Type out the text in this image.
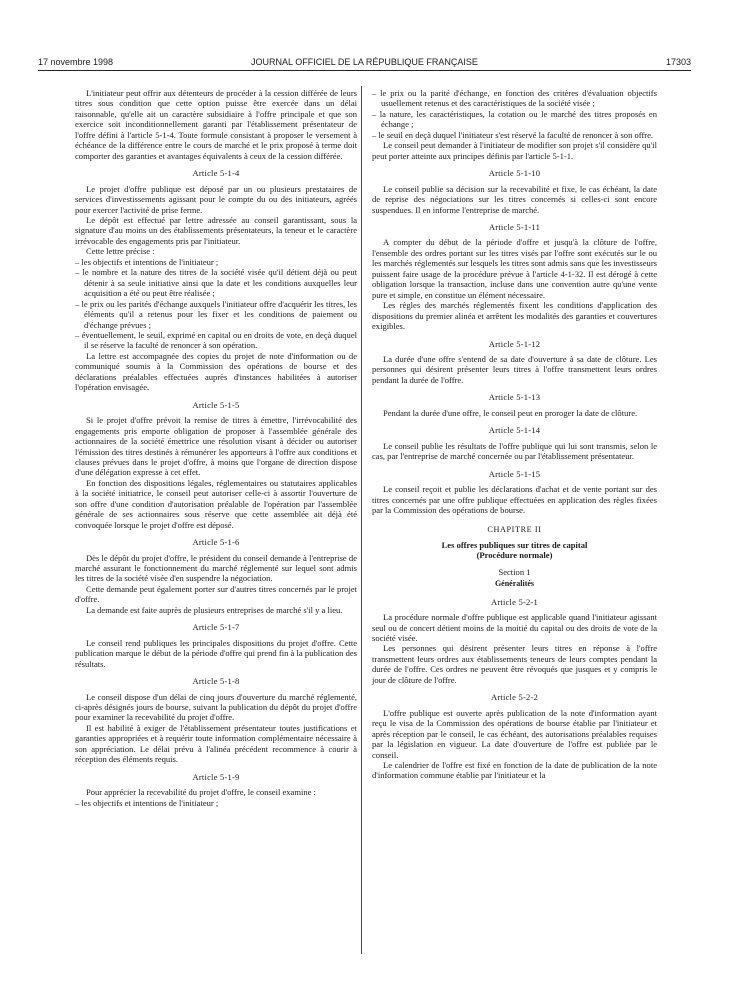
17 novembre 1998	JOURNAL OFFICIEL DE LA RÉPUBLIQUE FRANÇAISE	17303

L'initiateur peut offrir aux détenteurs de procéder à la cession différée de leurs titres sous condition que cette option puisse être exercée dans un délai raisonnable, qu'elle ait un caractère subsidiaire à l'offre principale et que son exercice soit inconditionnellement garanti par l'établissement présentateur de l'offre défini à l'article 5-1-4. Toute formule consistant à proposer le versement à échéance de la différence entre le cours de marché et le prix proposé à terme doit comporter des garanties et avantages équivalents à ceux de la cession différée.

Article 5-1-4

Le projet d'offre publique est déposé par un ou plusieurs prestataires de services d'investissements agissant pour le compte du ou des initiateurs, agréés pour exercer l'activité de prise ferme.

Le dépôt est effectué par lettre adressée au conseil garantissant, sous la signature d'au moins un des établissements présentateurs, la teneur et le caractère irrévocable des engagements pris par l'initiateur.

Cette lettre précise :

– les objectifs et intentions de l'initiateur ;
– le nombre et la nature des titres de la société visée qu'il détient déjà ou peut détenir à sa seule initiative ainsi que la date et les conditions auxquelles leur acquisition a été ou peut être réalisée ;
– le prix ou les parités d'échange auxquels l'initiateur offre d'acquérir les titres, les éléments qu'il a retenus pour les fixer et les conditions de paiement ou d'échange prévues ;
– éventuellement, le seuil, exprimé en capital ou en droits de vote, en deçà duquel il se réserve la faculté de renoncer à son opération.

La lettre est accompagnée des copies du projet de note d'information ou de communiqué soumis à la Commission des opérations de bourse et des déclarations préalables effectuées auprès d'instances habilitées à autoriser l'opération envisagée.

Article 5-1-5

Si le projet d'offre prévoit la remise de titres à émettre, l'irrévocabilité des engagements pris emporte obligation de proposer à l'assemblée générale des actionnaires de la société émettrice une résolution visant à décider ou autoriser l'émission des titres destinés à rémunérer les apporteurs à l'offre aux conditions et clauses prévues dans le projet d'offre, à moins que l'organe de direction dispose d'une délégation expresse à cet effet.

En fonction des dispositions légales, réglementaires ou statutaires applicables à la société initiatrice, le conseil peut autoriser celle-ci à assortir l'ouverture de son offre d'une condition d'autorisation préalable de l'opération par l'assemblée générale de ses actionnaires sous réserve que cette assemblée ait déjà été convoquée lorsque le projet d'offre est déposé.

Article 5-1-6

Dès le dépôt du projet d'offre, le président du conseil demande à l'entreprise de marché assurant le fonctionnement du marché réglementé sur lequel sont admis les titres de la société visée d'en suspendre la négociation.

Cette demande peut également porter sur d'autres titres concernés par le projet d'offre.

La demande est faite auprès de plusieurs entreprises de marché s'il y a lieu.

Article 5-1-7

Le conseil rend publiques les principales dispositions du projet d'offre. Cette publication marque le début de la période d'offre qui prend fin à la publication des résultats.

Article 5-1-8

Le conseil dispose d'un délai de cinq jours d'ouverture du marché réglementé, ci-après désignés jours de bourse, suivant la publication du dépôt du projet d'offre pour examiner la recevabilité du projet d'offre.

Il est habilité à exiger de l'établissement présentateur toutes justifications et garanties appropriées et à requérir toute information complémentaire nécessaire à son appréciation. Le délai prévu à l'alinéa précédent recommence à courir à réception des éléments requis.

Article 5-1-9

Pour apprécier la recevabilité du projet d'offre, le conseil examine :

– les objectifs et intentions de l'initiateur ;
– le prix ou la parité d'échange, en fonction des critères d'évaluation objectifs usuellement retenus et des caractéristiques de la société visée ;
– la nature, les caractéristiques, la cotation ou le marché des titres proposés en échange ;
– le seuil en deçà duquel l'initiateur s'est réservé la faculté de renoncer à son offre.

Le conseil peut demander à l'initiateur de modifier son projet s'il considère qu'il peut porter atteinte aux principes définis par l'article 5-1-1.

Article 5-1-10

Le conseil publie sa décision sur la recevabilité et fixe, le cas échéant, la date de reprise des négociations sur les titres concernés si celles-ci sont encore suspendues. Il en informe l'entreprise de marché.

Article 5-1-11

A compter du début de la période d'offre et jusqu'à la clôture de l'offre, l'ensemble des ordres portant sur les titres visés par l'offre sont exécutés sur le ou les marchés réglementés sur lesquels les titres sont admis sans que les investisseurs puissent faire usage de la procédure prévue à l'article 4-1-32. Il est dérogé à cette obligation lorsque la transaction, incluse dans une convention autre qu'une vente pure et simple, en constitue un élément nécessaire.

Les règles des marchés réglementés fixent les conditions d'application des dispositions du premier alinéa et arrêtent les modalités des garanties et couvertures exigibles.

Article 5-1-12

La durée d'une offre s'entend de sa date d'ouverture à sa date de clôture. Les personnes qui désirent présenter leurs titres à l'offre transmettent leurs ordres pendant la durée de l'offre.

Article 5-1-13

Pendant la durée d'une offre, le conseil peut en proroger la date de clôture.

Article 5-1-14

Le conseil publie les résultats de l'offre publique qui lui sont transmis, selon le cas, par l'entreprise de marché concernée ou par l'établissement présentateur.

Article 5-1-15

Le conseil reçoit et publie les déclarations d'achat et de vente portant sur des titres concernés par une offre publique effectuées en application des règles fixées par la Commission des opérations de bourse.

CHAPITRE II
Les offres publiques sur titres de capital
(Procédure normale)
Section 1
Généralités
Article 5-2-1

La procédure normale d'offre publique est applicable quand l'initiateur agissant seul ou de concert détient moins de la moitié du capital ou des droits de vote de la société visée.

Les personnes qui désirent présenter leurs titres en réponse à l'offre transmettent leurs ordres aux établissements teneurs de leurs comptes pendant la durée de l'offre. Ces ordres ne peuvent être révoqués que jusques et y compris le jour de clôture de l'offre.

Article 5-2-2

L'offre publique est ouverte après publication de la note d'information ayant reçu le visa de la Commission des opérations de bourse établie par l'initiateur et après réception par le conseil, le cas échéant, des autorisations préalables requises par la législation en vigueur. La date d'ouverture de l'offre est publiée par le conseil.

Le calendrier de l'offre est fixé en fonction de la date de publication de la note d'information commune établie par l'initiateur et la
